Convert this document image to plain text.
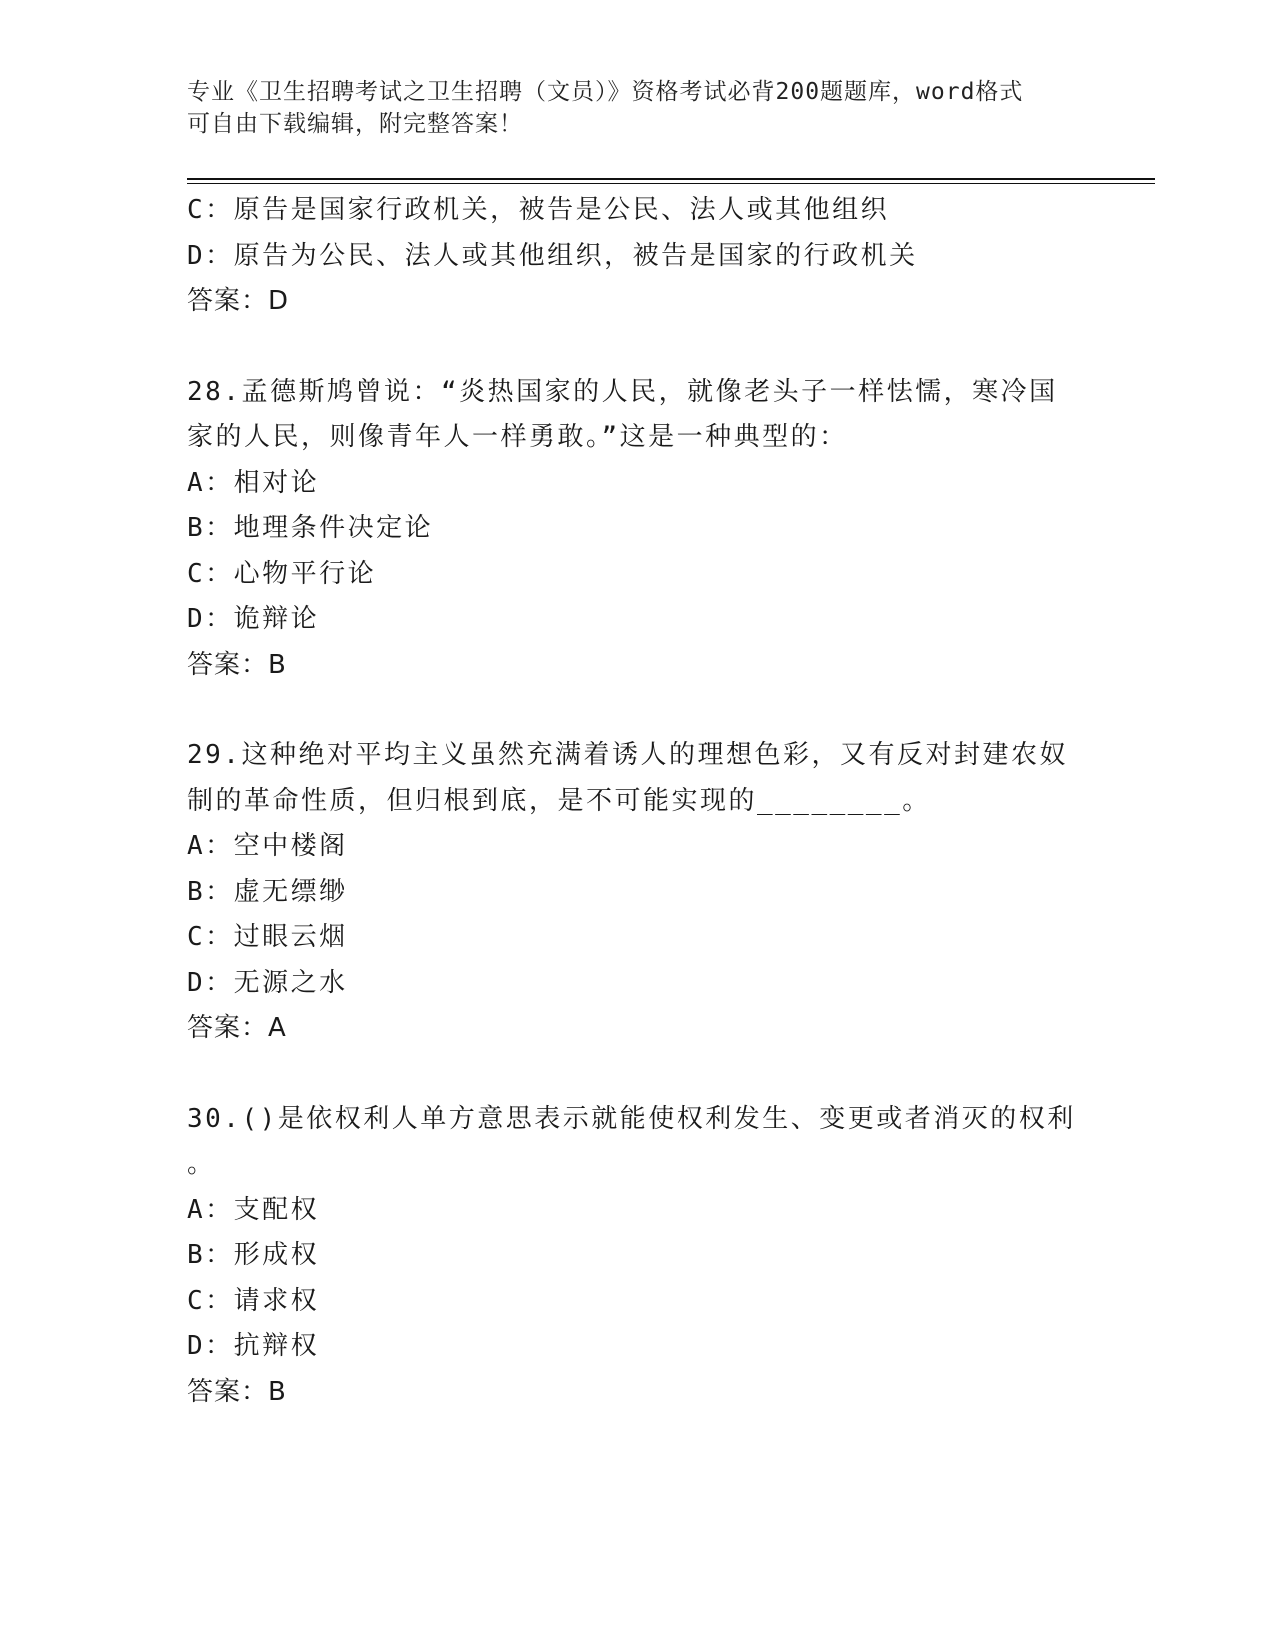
专业《卫生招聘考试之卫生招聘（文员）》资格考试必背200题题库，word格式
可自由下载编辑，附完整答案！
C：原告是国家行政机关，被告是公民、法人或其他组织
D：原告为公民、法人或其他组织，被告是国家的行政机关
答案：D
28.孟德斯鸠曾说：“炎热国家的人民，就像老头子一样怯懦，寒冷国
家的人民，则像青年人一样勇敢。”这是一种典型的：
A：相对论
B：地理条件决定论
C：心物平行论
D：诡辩论
答案：B
29.这种绝对平均主义虽然充满着诱人的理想色彩，又有反对封建农奴
制的革命性质，但归根到底，是不可能实现的________。
A：空中楼阁
B：虚无缥缈
C：过眼云烟
D：无源之水
答案：A
30.()是依权利人单方意思表示就能使权利发生、变更或者消灭的权利
。
A：支配权
B：形成权
C：请求权
D：抗辩权
答案：B
